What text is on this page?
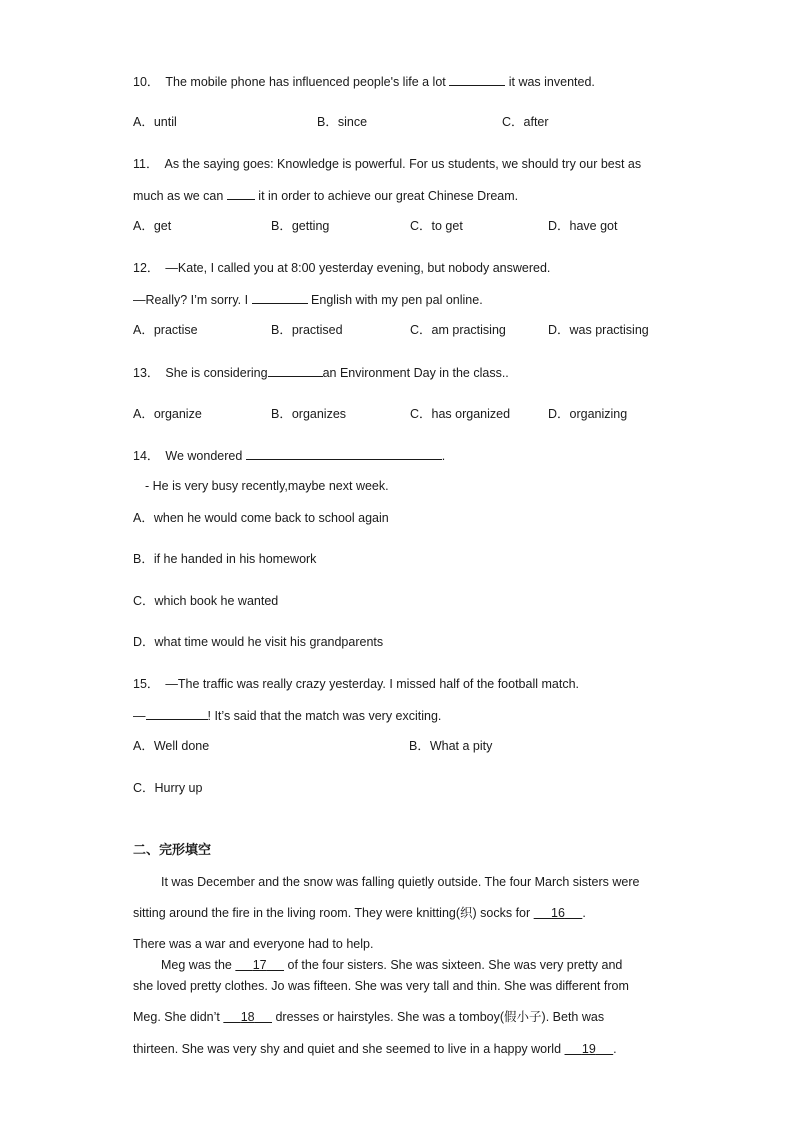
10． The mobile phone has influenced people's life a lot	it was invented.
A．until	B．since	C．after
11． As the saying goes: Knowledge is powerful. For us students, we should try our best as
much as we can	it in order to achieve our great Chinese Dream.
A．get	B．getting	C．to get	D．have got
12． —Kate, I called you at 8:00 yesterday evening, but nobody answered.
—Really? I’m sorry. I	English with my pen pal online.
A．practise	B．practised	C．am practising	D．was practising
13． She is considering	an Environment Day in the class..
A．organize	B．organizes	C．has organized	D．organizing
14． We wondered	.
- He is very busy recently,maybe next week.
A．when he would come back to school again
B．if he handed in his homework
C．which book he wanted
D．what time would he visit his grandparents
15． —The traffic was really crazy yesterday. I missed half of the football match.
—	! It’s said that the match was very exciting.
A．Well done	B．What a pity
C．Hurry up
二、完形填空
It was December and the snow was falling quietly outside. The four March sisters were
sitting around the fire in the living room. They were knitting(织) socks for 16 .
There was a war and everyone had to help.
Meg was the 17 of the four sisters. She was sixteen. She was very pretty and
she loved pretty clothes. Jo was fifteen. She was very tall and thin. She was different from
Meg. She didn’t 18 dresses or hairstyles. She was a tomboy(假小子). Beth was
thirteen. She was very shy and quiet and she seemed to live in a happy world 19 .
